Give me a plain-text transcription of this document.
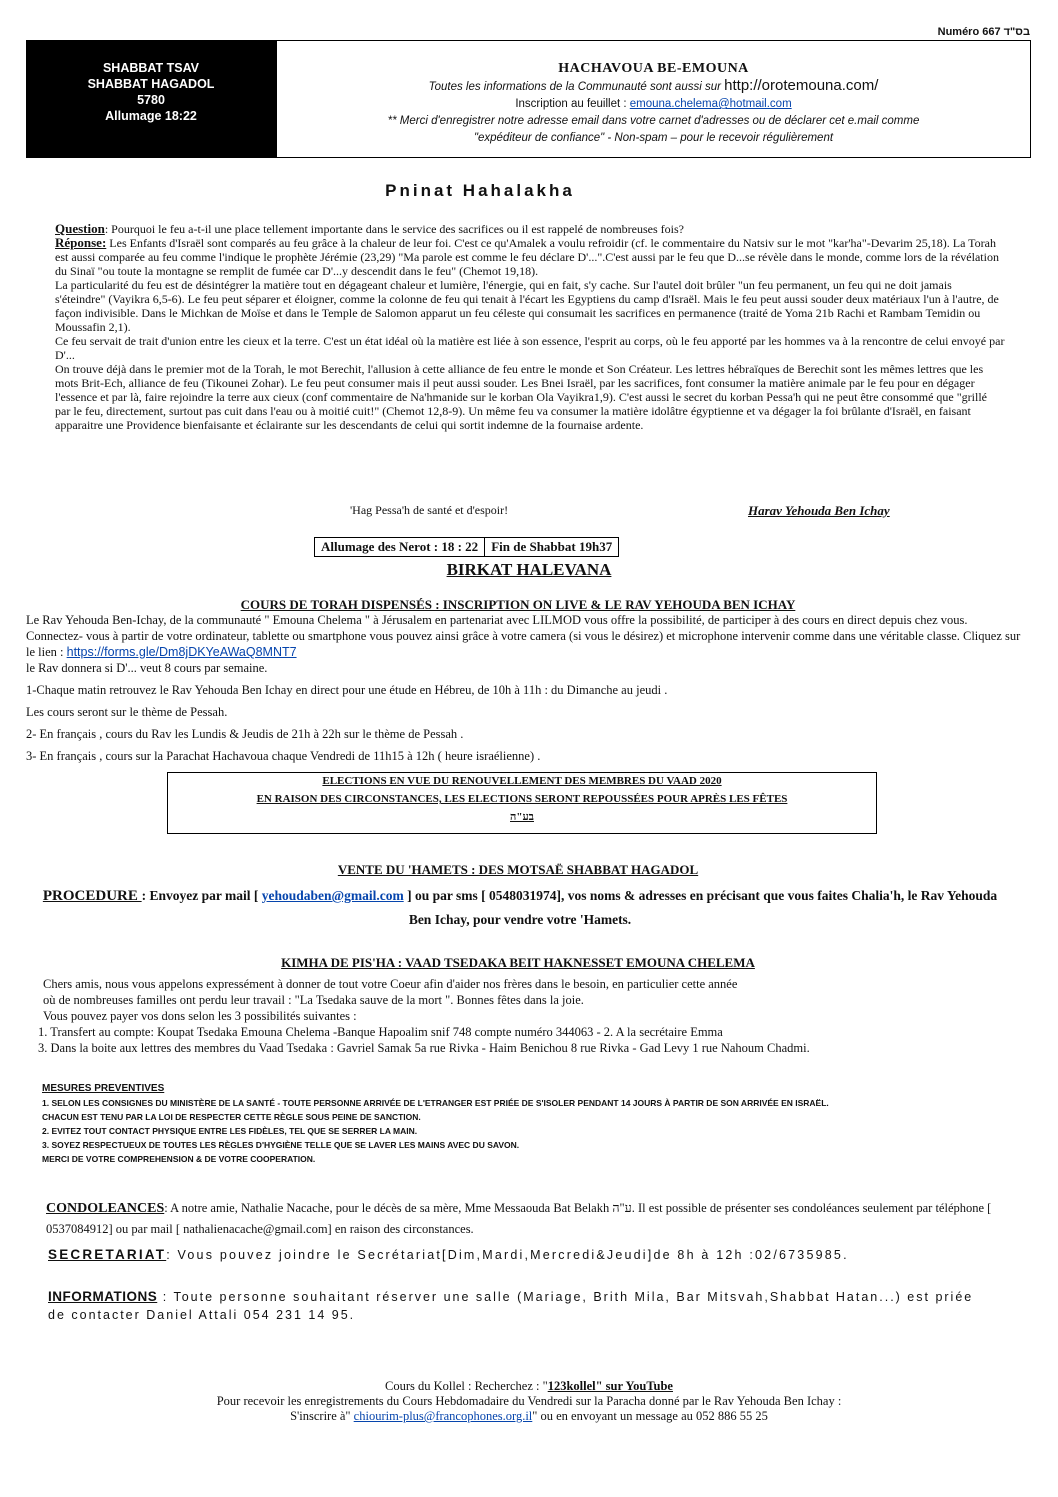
Numéro 667 בס"ד
SHABBAT TSAV
SHABBAT HAGADOL
5780
Allumage 18:22
HACHAVOUA BE-EMOUNA
Toutes les informations de la Communauté sont aussi sur http://orotemouna.com/
Inscription au feuillet : emouna.chelema@hotmail.com
** Merci d'enregistrer notre adresse email dans votre carnet d'adresses ou de déclarer cet e.mail comme
"expéditeur de confiance" - Non-spam – pour le recevoir régulièrement
Pninat Hahalakha

Question: Pourquoi le feu a-t-il une place tellement importante dans le service des sacrifices ou il est rappelé de nombreuses fois?

Réponse: Les Enfants d'Israël sont comparés au feu grâce à la chaleur de leur foi. C'est ce qu'Amalek a voulu refroidir (cf. le commentaire du Natsiv sur le mot "kar'ha"-Devarim 25,18). La Torah est aussi comparée au feu comme l'indique le prophète Jérémie (23,29) "Ma parole est comme le feu déclare D'...".C'est aussi par le feu que D...se révèle dans le monde, comme lors de la révélation du Sinaï "ou toute la montagne se remplit de fumée car D'...y descendit dans le feu" (Chemot 19,18).

La particularité du feu est de désintégrer la matière tout en dégageant chaleur et lumière, l'énergie, qui en fait, s'y cache. Sur l'autel doit brûler "un feu permanent, un feu qui ne doit jamais s'éteindre" (Vayikra 6,5-6). Le feu peut séparer et éloigner, comme la colonne de feu qui tenait à l'écart les Egyptiens du camp d'Israël. Mais le feu peut aussi souder deux matériaux l'un à l'autre, de façon indivisible. Dans le Michkan de Moïse et dans le Temple de Salomon apparut un feu céleste qui consumait les sacrifices en permanence (traité de Yoma 21b Rachi et Rambam Temidin ou Moussafin 2,1).

Ce feu servait de trait d'union entre les cieux et la terre. C'est un état idéal où la matière est liée à son essence, l'esprit au corps, où le feu apporté par les hommes va à la rencontre de celui envoyé par D'...

On trouve déjà dans le premier mot de la Torah, le mot Berechit, l'allusion à cette alliance de feu entre le monde et Son Créateur. Les lettres hébraïques de Berechit sont les mêmes lettres que les mots Brit-Ech, alliance de feu (Tikounei Zohar). Le feu peut consumer mais il peut aussi souder. Les Bnei Israël, par les sacrifices, font consumer la matière animale par le feu pour en dégager l'essence et par là, faire rejoindre la terre aux cieux (conf commentaire de Na'hmanide sur le korban Ola Vayikra1,9). C'est aussi le secret du korban Pessa'h qui ne peut être consommé que "grillé par le feu, directement, surtout pas cuit dans l'eau ou à moitié cuit!" (Chemot 12,8-9). Un même feu va consumer la matière idolâtre égyptienne et va dégager la foi brûlante d'Israël, en faisant apparaitre une Providence bienfaisante et éclairante sur les descendants de celui qui sortit indemne de la fournaise ardente.

'Hag Pessa'h de santé et d'espoir!	Harav Yehouda Ben Ichay
Allumage des Nerot : 18 : 22	Fin de Shabbat 19h37
BIRKAT HALEVANA
COURS DE TORAH DISPENSÉS : INSCRIPTION ON LIVE & LE RAV YEHOUDA BEN ICHAY
Le Rav Yehouda Ben-Ichay, de la communauté " Emouna Chelema " à Jérusalem en partenariat avec LILMOD vous offre la possibilité, de participer à des cours en direct depuis chez vous. Connectez- vous à partir de votre ordinateur, tablette ou smartphone vous pouvez ainsi grâce à votre camera (si vous le désirez) et microphone intervenir comme dans une véritable classe. Cliquez sur le lien : https://forms.gle/Dm8jDKYeAWaQ8MNT7
le Rav donnera si D'... veut 8 cours par semaine.
1-Chaque matin retrouvez le Rav Yehouda Ben Ichay en direct pour une étude en Hébreu, de 10h à 11h : du Dimanche au jeudi .
Les cours seront sur le thème de Pessah.
2- En français , cours du Rav les Lundis & Jeudis de 21h à 22h sur le thème de Pessah .
3- En français , cours sur la Parachat Hachavoua chaque Vendredi de 11h15 à 12h ( heure israélienne) .
ELECTIONS EN VUE DU RENOUVELLEMENT DES MEMBRES DU VAAD 2020
EN RAISON DES CIRCONSTANCES, LES ELECTIONS SERONT REPOUSSÉES POUR APRÈS LES FÊTES
בע"ה
VENTE DU 'HAMETS : DES MOTSAË SHABBAT HAGADOL
PROCEDURE : Envoyez par mail [ yehoudaben@gmail.com ] ou par sms [ 0548031974], vos noms & adresses en précisant que vous faites Chalia'h, le Rav Yehouda Ben Ichay, pour vendre votre 'Hamets.
KIMHA DE PIS'HA : VAAD TSEDAKA BEIT HAKNESSET EMOUNA CHELEMA
Chers amis, nous vous appelons expressément à donner de tout votre Coeur afin d'aider nos frères dans le besoin, en particulier cette année
où de nombreuses familles ont perdu leur travail : "La Tsedaka sauve de la mort ". Bonnes fêtes dans la joie.
Vous pouvez payer vos dons selon les 3 possibilités suivantes :
1. Transfert au compte: Koupat Tsedaka Emouna Chelema -Banque Hapoalim snif 748 compte numéro 344063 - 2. A la secrétaire Emma
3. Dans la boite aux lettres des membres du Vaad Tsedaka : Gavriel Samak 5a rue Rivka - Haim Benichou 8 rue Rivka - Gad Levy 1 rue Nahoum Chadmi.
MESURES PREVENTIVES
1. SELON LES CONSIGNES DU MINISTÈRE DE LA SANTÉ - TOUTE PERSONNE ARRIVÉE DE L'ETRANGER EST PRIÉE DE S'ISOLER PENDANT 14 JOURS À PARTIR DE SON ARRIVÉE EN ISRAËL.
CHACUN EST TENU PAR LA LOI DE RESPECTER CETTE RÈGLE SOUS PEINE DE SANCTION.
2. EVITEZ TOUT CONTACT PHYSIQUE ENTRE LES FIDÈLES, TEL QUE SE SERRER LA MAIN.
3. SOYEZ RESPECTUEUX DE TOUTES LES RÈGLES D'HYGIÈNE TELLE QUE SE LAVER LES MAINS AVEC DU SAVON.
MERCI DE VOTRE COMPREHENSION & DE VOTRE COOPERATION.
CONDOLEANCES: A notre amie, Nathalie Nacache, pour le décès de sa mère, Mme Messaouda Bat Belakh ע"ה. Il est possible de présenter ses condoléances seulement par téléphone [ 0537084912] ou par mail [ nathalienacache@gmail.com] en raison des circonstances.
SECRETARIAT: Vous pouvez joindre le Secrétariat[Dim,Mardi,Mercredi&Jeudi]de 8h à 12h :02/6735985.
INFORMATIONS : Toute personne souhaitant réserver une salle (Mariage, Brith Mila, Bar Mitsvah,Shabbat Hatan...) est priée de contacter Daniel Attali 054 231 14 95.
Cours du Kollel : Recherchez : "123kollel" sur YouTube
Pour recevoir les enregistrements du Cours Hebdomadaire du Vendredi sur la Paracha donné par le Rav Yehouda Ben Ichay :
S'inscrire à" chiourim-plus@francophones.org.il" ou en envoyant un message au 052 886 55 25
